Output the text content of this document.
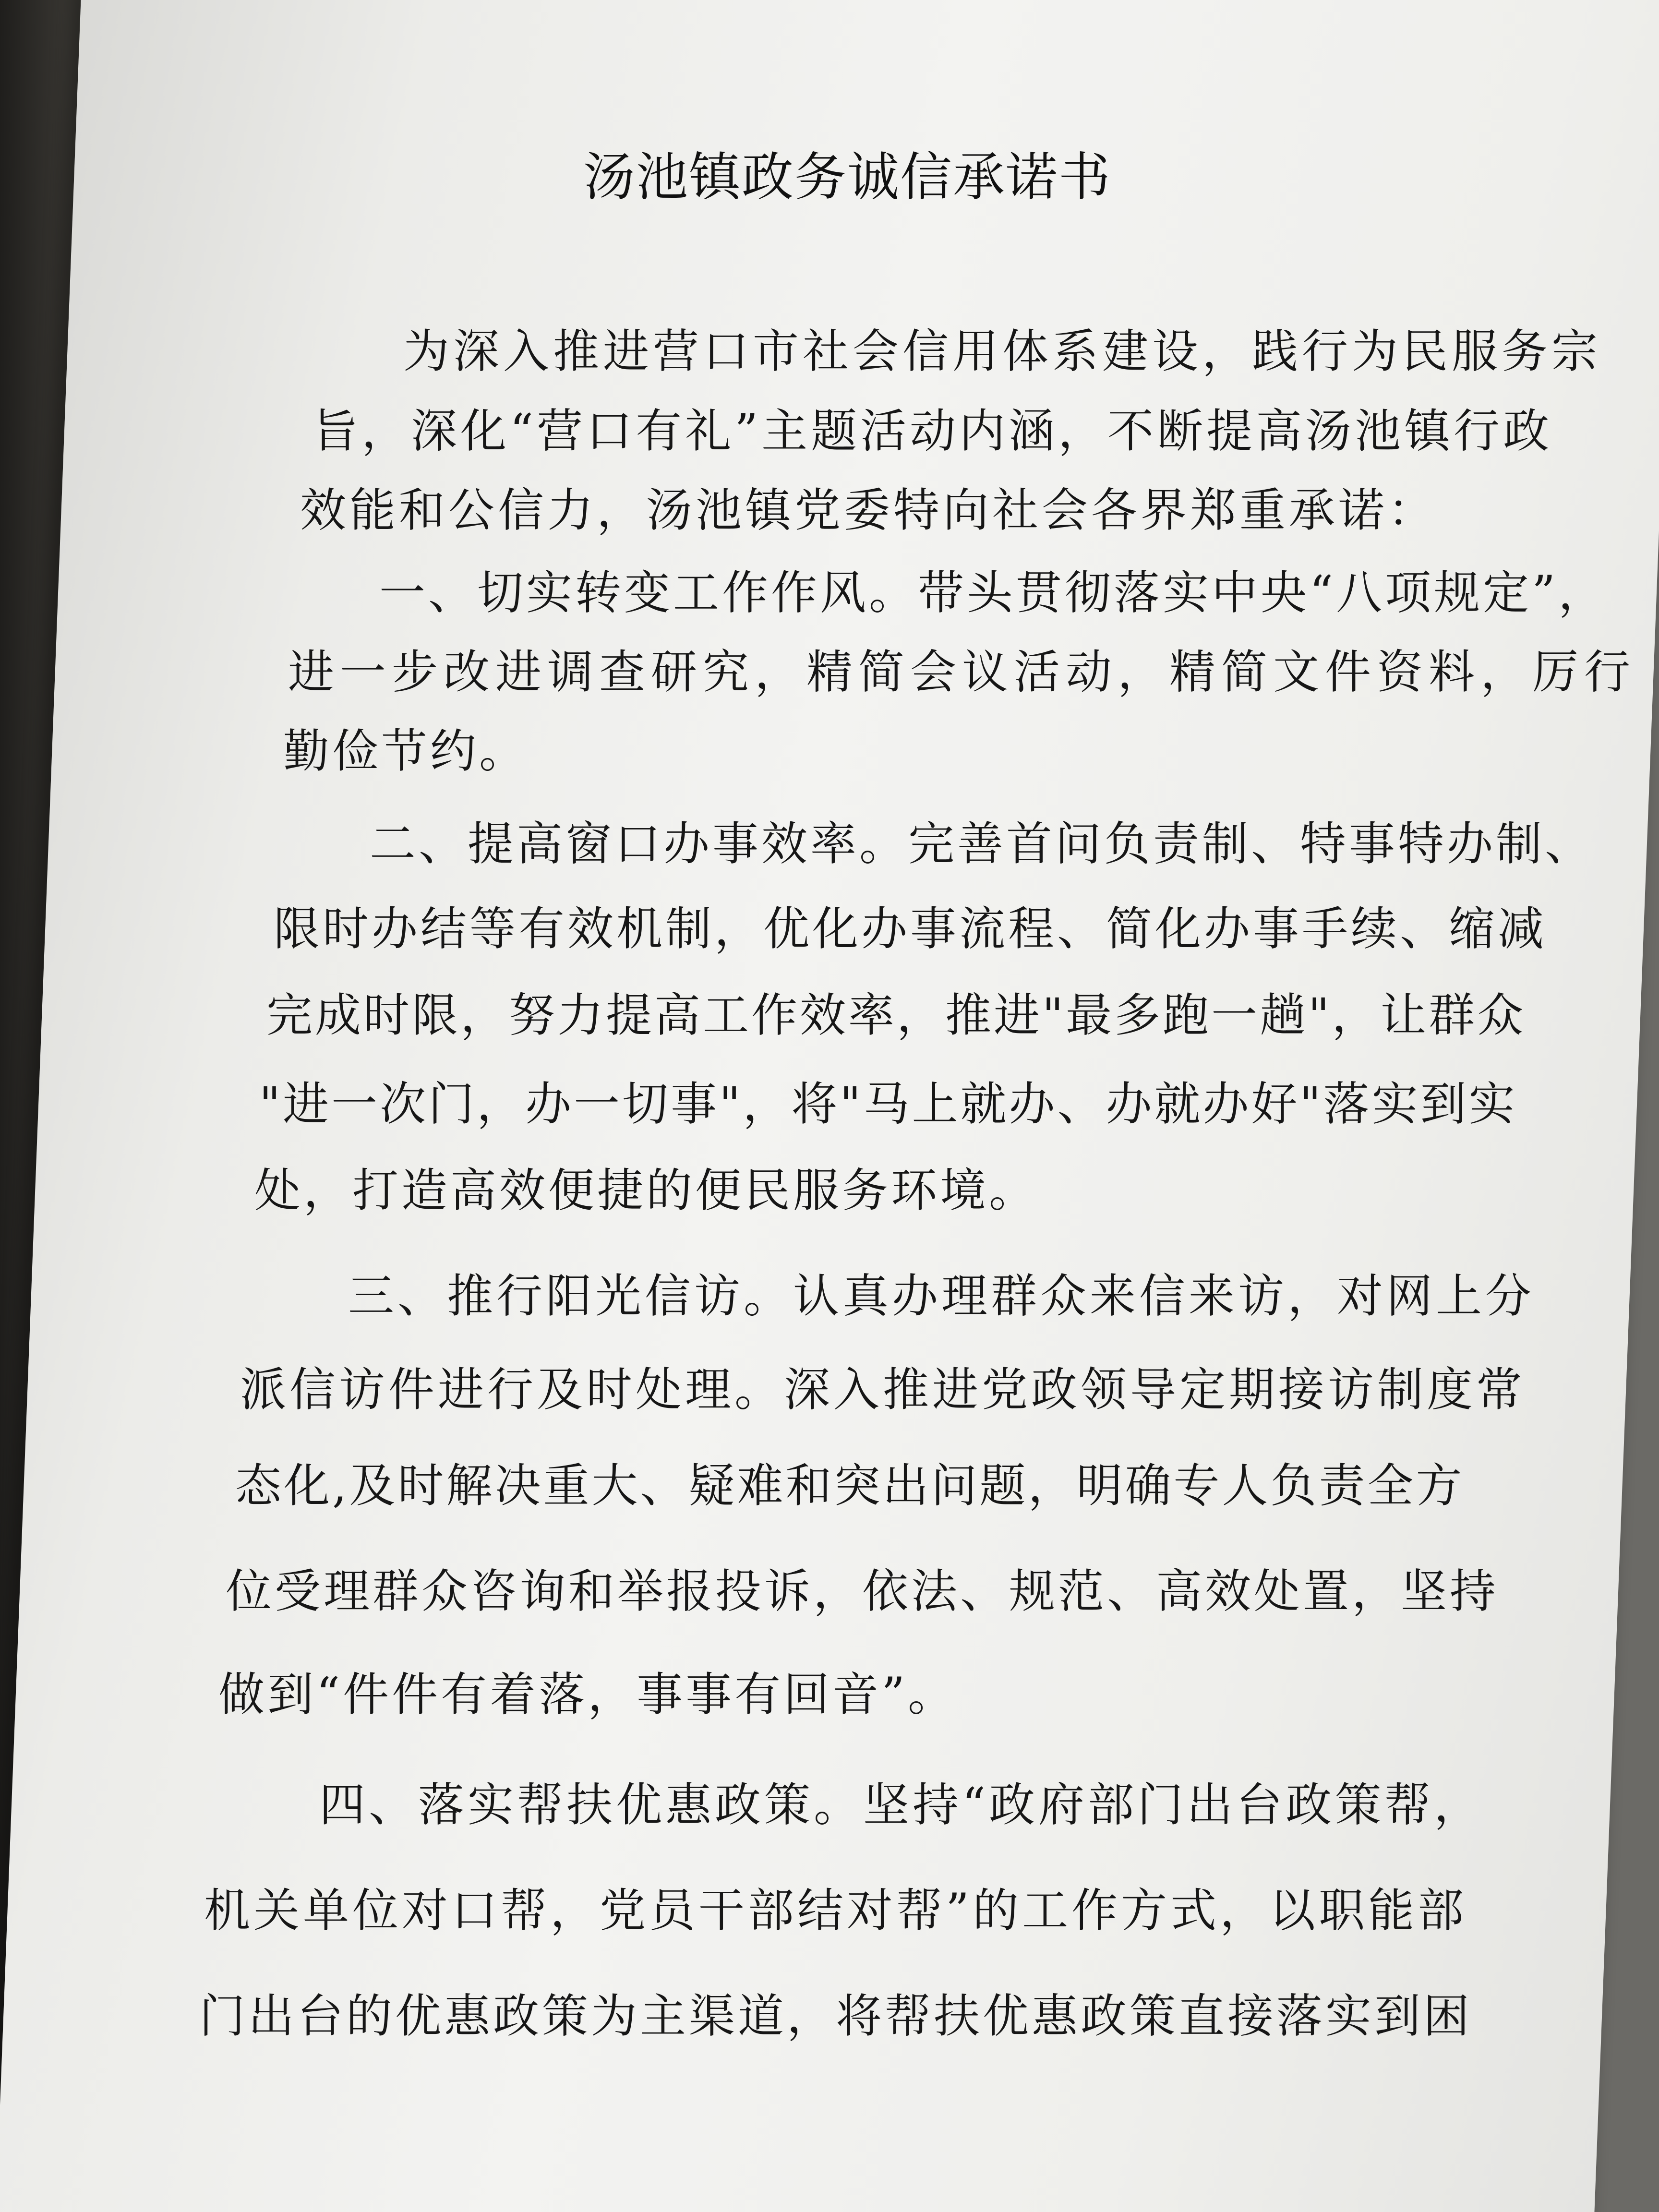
汤池镇政务诚信承诺书
为深入推进营口市社会信用体系建设，践行为民服务宗
旨，深化“营口有礼”主题活动内涵，不断提高汤池镇行政
效能和公信力，汤池镇党委特向社会各界郑重承诺：
一、切实转变工作作风。带头贯彻落实中央“八项规定”，
进一步改进调查研究，精简会议活动，精简文件资料，厉行
勤俭节约。
二、提高窗口办事效率。完善首问负责制、特事特办制、
限时办结等有效机制，优化办事流程、简化办事手续、缩减
完成时限，努力提高工作效率，推进"最多跑一趟"，让群众
"进一次门，办一切事"，将"马上就办、办就办好"落实到实
处，打造高效便捷的便民服务环境。
三、推行阳光信访。认真办理群众来信来访，对网上分
派信访件进行及时处理。深入推进党政领导定期接访制度常
态化,及时解决重大、疑难和突出问题，明确专人负责全方
位受理群众咨询和举报投诉，依法、规范、高效处置，坚持
做到“件件有着落，事事有回音”。
四、落实帮扶优惠政策。坚持“政府部门出台政策帮，
机关单位对口帮，党员干部结对帮”的工作方式，以职能部
门出台的优惠政策为主渠道，将帮扶优惠政策直接落实到困
